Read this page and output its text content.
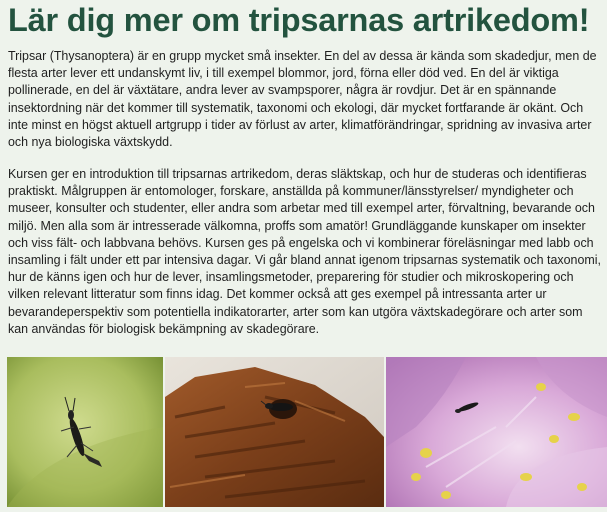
Lär dig mer om tripsarnas artrikedom!

Tripsar (Thysanoptera) är en grupp mycket små insekter. En del av dessa är kända som skadedjur, men de flesta arter lever ett undanskymt liv, i till exempel blommor, jord, förna eller död ved. En del är viktiga pollinerade, en del är växtätare, andra lever av svampsporer, några är rovdjur. Det är en spännande insektordning när det kommer till systematik, taxonomi och ekologi, där mycket fortfarande är okänt. Och inte minst en högst aktuell artgrupp i tider av förlust av arter, klimatförändringar, spridning av invasiva arter och nya biologiska växtskydd.

Kursen ger en introduktion till tripsarnas artrikedom, deras släktskap, och hur de studeras och identifieras praktiskt. Målgruppen är entomologer, forskare, anställda på kommuner/länsstyrelser/ myndigheter och museer, konsulter och studenter, eller andra som arbetar med till exempel arter, förvaltning, bevarande och miljö. Men alla som är intresserade välkomna, proffs som amatör! Grundläggande kunskaper om insekter och viss fält- och labbvana behövs. Kursen ges på engelska och vi kombinerar föreläsningar med labb och insamling i fält under ett par intensiva dagar. Vi går bland annat igenom tripsarnas systematik och taxonomi, hur de känns igen och hur de lever, insamlingsmetoder, preparering för studier och mikroskopering och vilken relevant litteratur som finns idag. Det kommer också att ges exempel på intressanta arter ur bevarandeperspektiv som potentiella indikatorarter, arter som kan utgöra växtskadegörare och arter som kan användas för biologisk bekämpning av skadegörare.
